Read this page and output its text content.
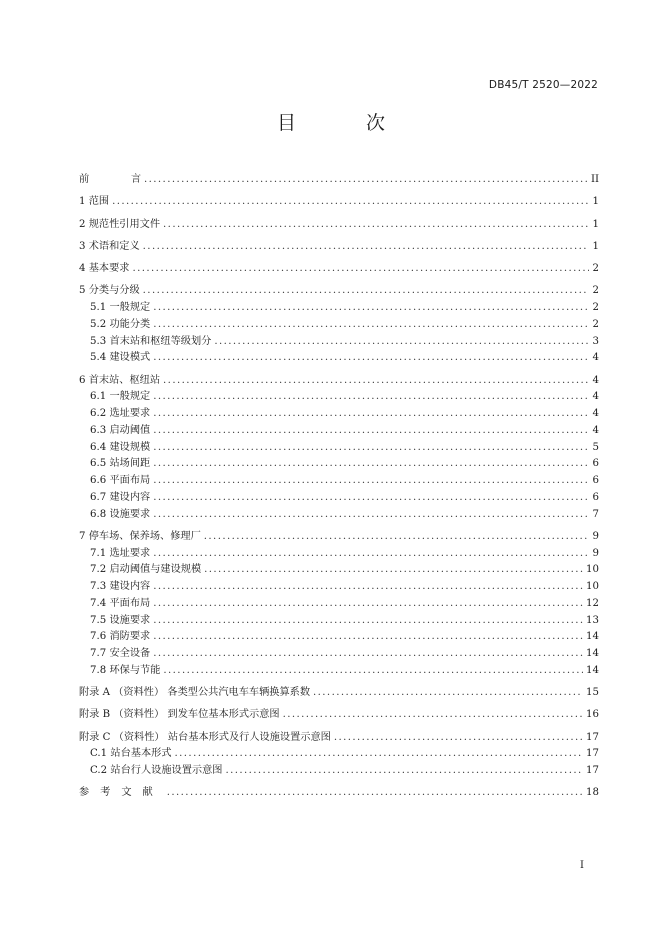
DB45/T 2520—2022
目 次
前	言 .....	II
1 范围 .....	1
2 规范性引用文件 .....	1
3 术语和定义 .....	1
4 基本要求 .....	2
5 分类与分级 .....	2
5.1 一般规定 .....	2
5.2 功能分类 .....	2
5.3 首末站和枢纽等级划分 .....	3
5.4 建设模式 .....	4
6 首末站、枢纽站 .....	4
6.1 一般规定 .....	4
6.2 选址要求 .....	4
6.3 启动阈值 .....	4
6.4 建设规模 .....	5
6.5 站场间距 .....	6
6.6 平面布局 .....	6
6.7 建设内容 .....	6
6.8 设施要求 .....	7
7 停车场、保养场、修理厂 .....	9
7.1 选址要求 .....	9
7.2 启动阈值与建设规模 .....	10
7.3 建设内容 .....	10
7.4 平面布局 .....	12
7.5 设施要求 .....	13
7.6 消防要求 .....	14
7.7 安全设备 .....	14
7.8 环保与节能 .....	14
附录 A （资料性） 各类型公共汽电车车辆换算系数 .....	15
附录 B （资料性） 到发车位基本形式示意图 .....	16
附录 C （资料性） 站台基本形式及行人设施设置示意图 .....	17
C.1 站台基本形式 .....	17
C.2 站台行人设施设置示意图 .....	17
参考文献 .....	18
I
